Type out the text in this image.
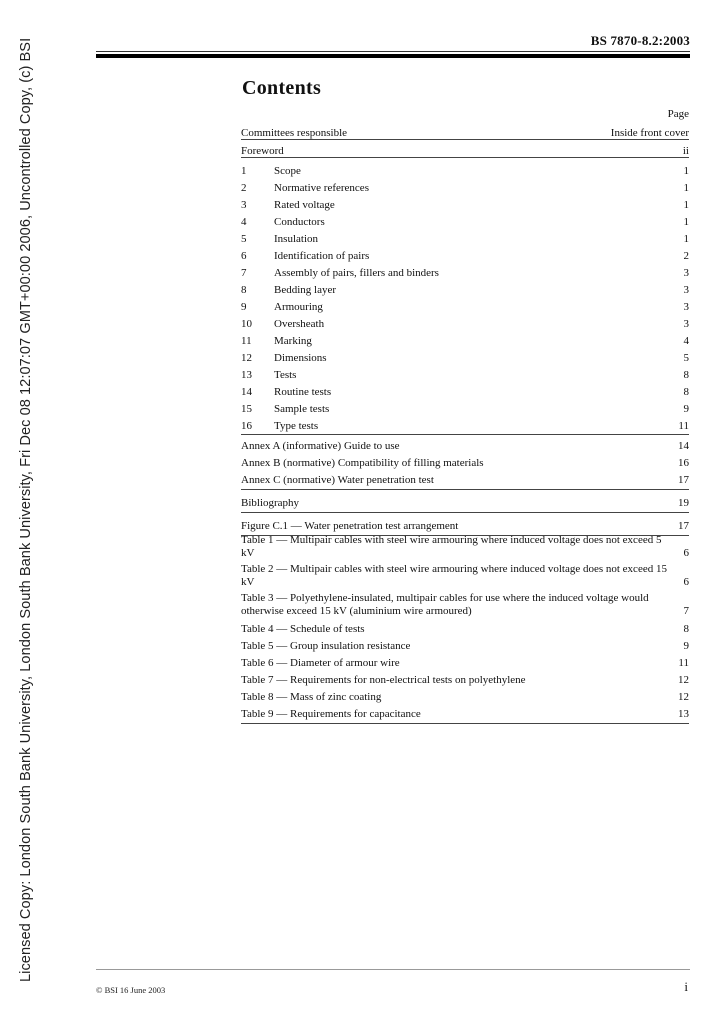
Licensed Copy: London South Bank University, London South Bank University, Fri Dec 08 12:07:07 GMT+00:00 2006, Uncontrolled Copy, (c) BSI	BS 7870-8.2:2003
Contents
Page
Committees responsible	Inside front cover
Foreword	ii
1	Scope	1
2	Normative references	1
3	Rated voltage	1
4	Conductors	1
5	Insulation	1
6	Identification of pairs	2
7	Assembly of pairs, fillers and binders	3
8	Bedding layer	3
9	Armouring	3
10	Oversheath	3
11	Marking	4
12	Dimensions	5
13	Tests	8
14	Routine tests	8
15	Sample tests	9
16	Type tests	11
Annex A (informative) Guide to use	14
Annex B (normative) Compatibility of filling materials	16
Annex C (normative) Water penetration test	17
Bibliography	19
Figure C.1 — Water penetration test arrangement	17
Table 1 — Multipair cables with steel wire armouring where induced voltage does not exceed 5 kV	6
Table 2 — Multipair cables with steel wire armouring where induced voltage does not exceed 15 kV	6
Table 3 — Polyethylene-insulated, multipair cables for use where the induced voltage would otherwise exceed 15 kV (aluminium wire armoured)	7
Table 4 — Schedule of tests	8
Table 5 — Group insulation resistance	9
Table 6 — Diameter of armour wire	11
Table 7 — Requirements for non-electrical tests on polyethylene	12
Table 8 — Mass of zinc coating	12
Table 9 — Requirements for capacitance	13
© BSI 16 June 2003	i
